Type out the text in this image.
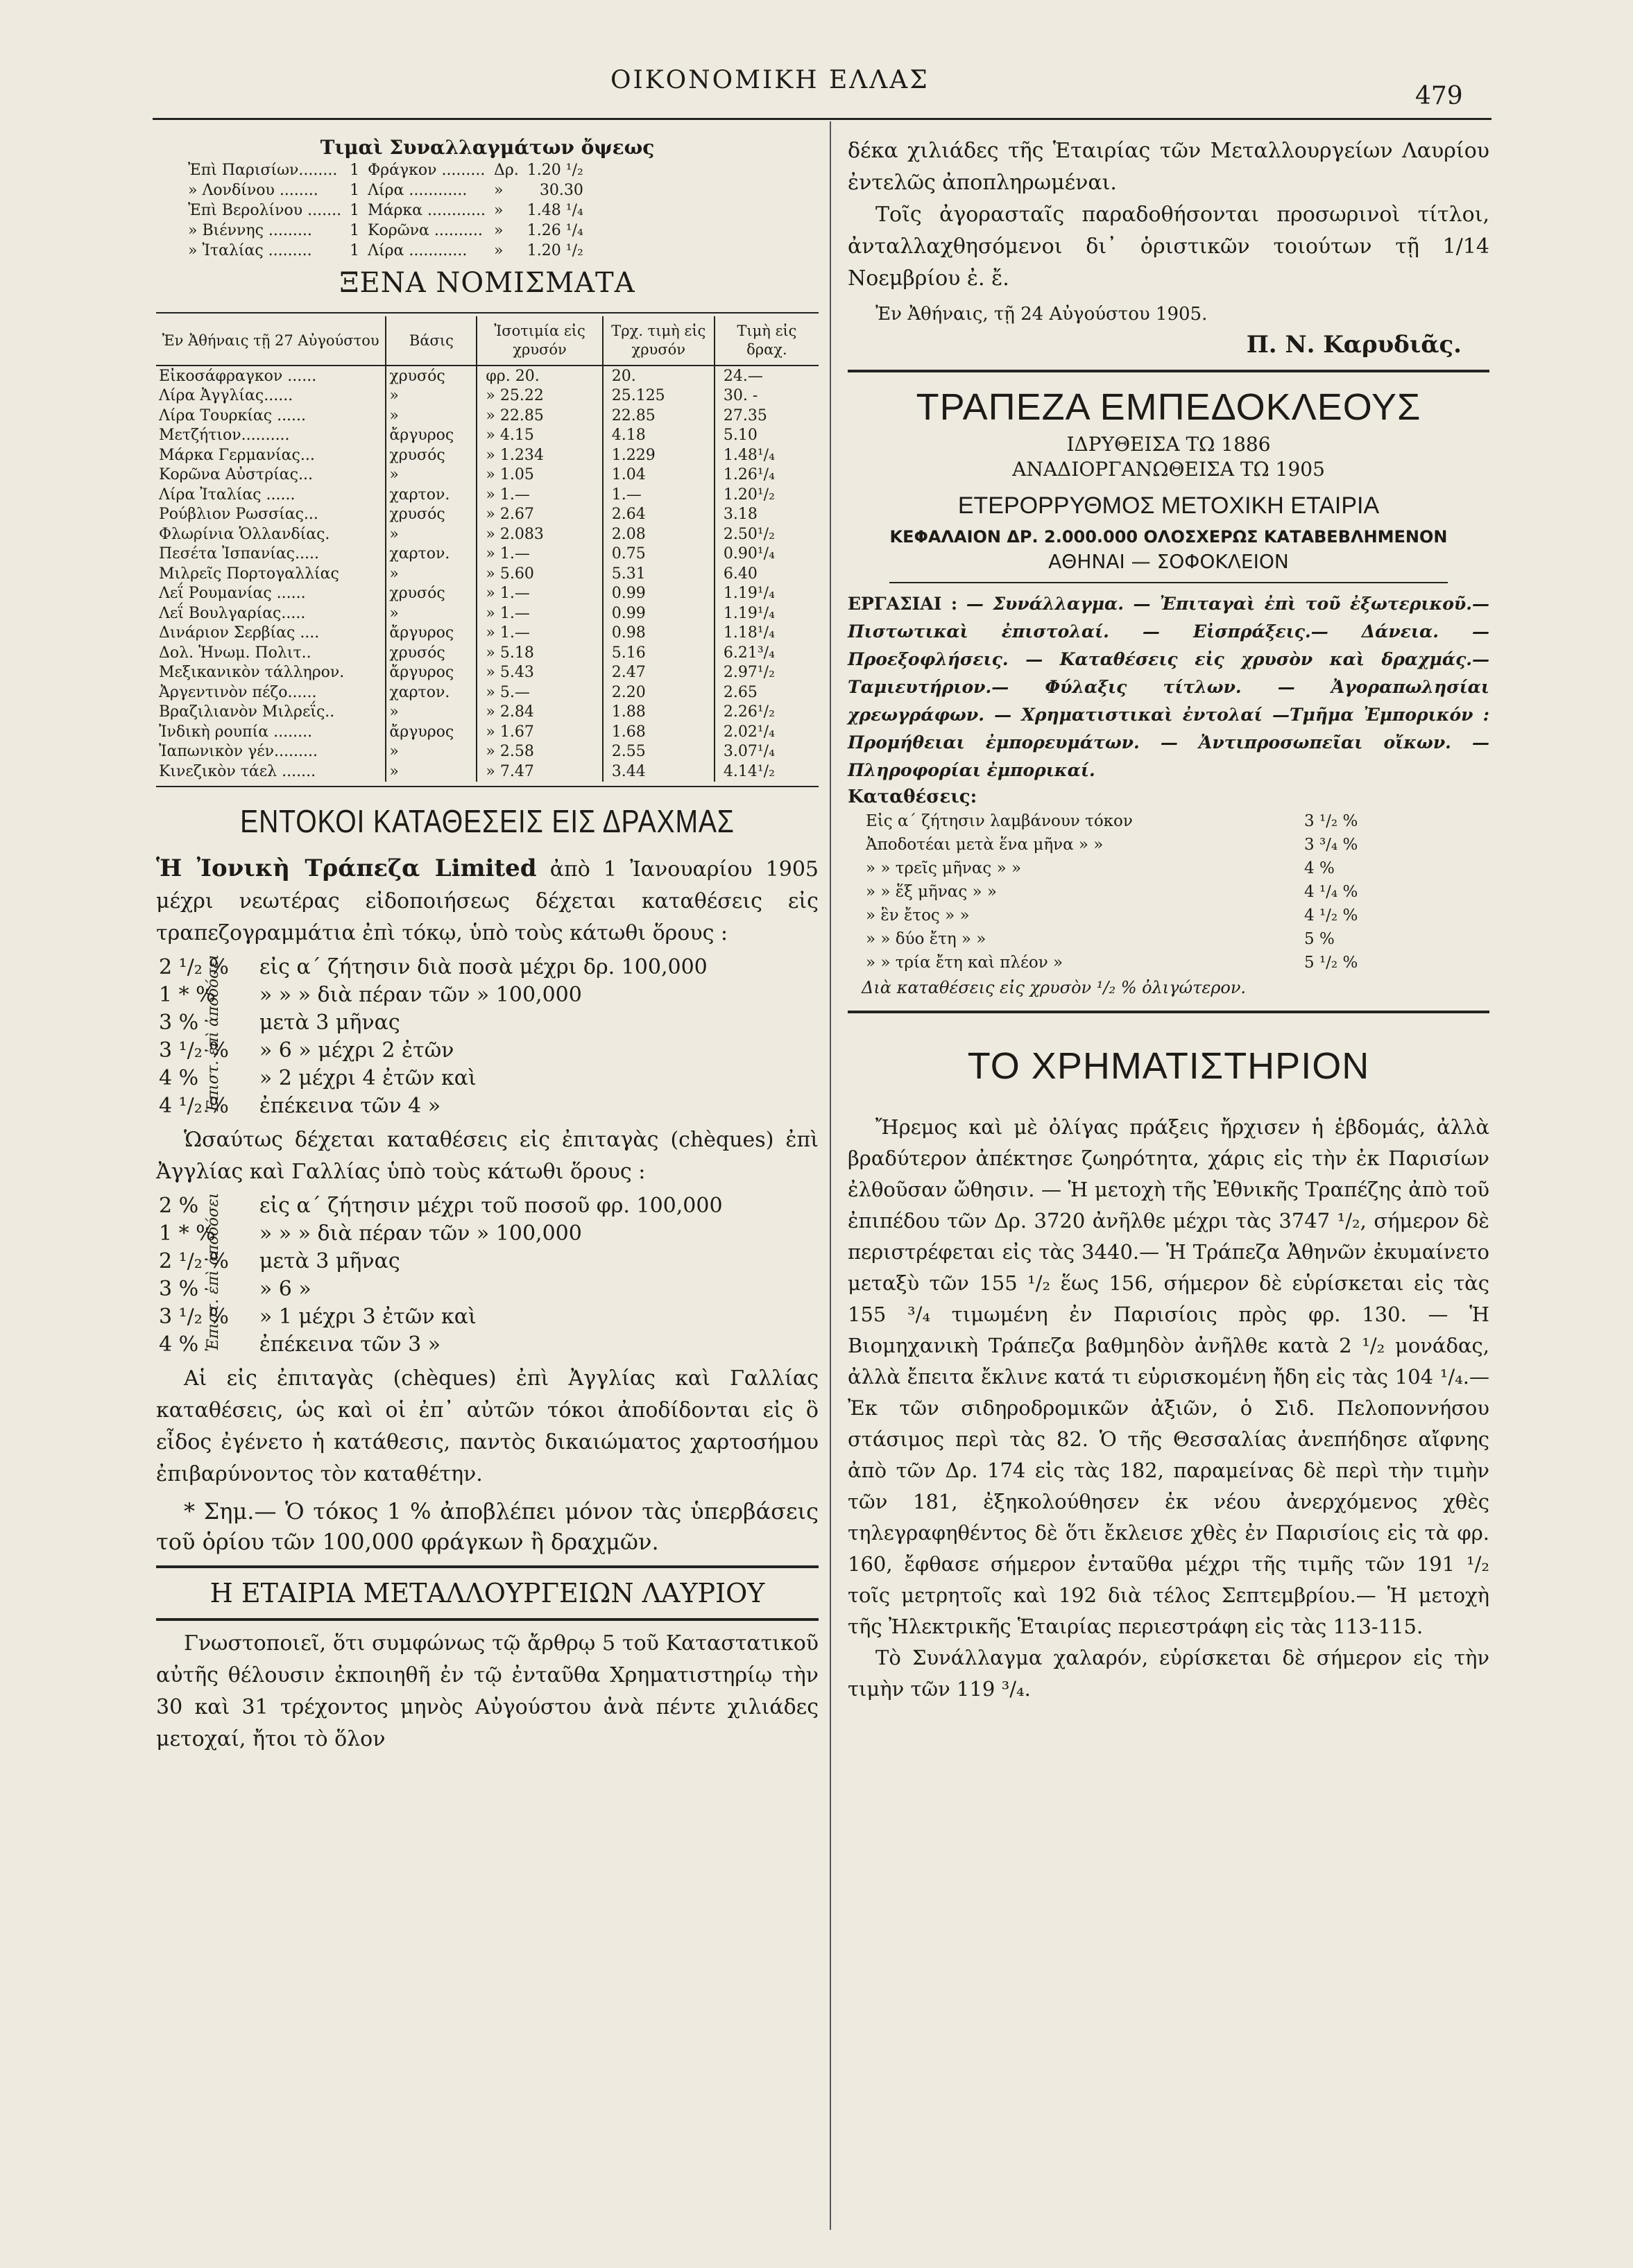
ΟΙΚΟΝΟΜΙΚΗ ΕΛΛΑΣ
479
Τιμαὶ Συναλλαγμάτων ὄψεως
Ἐπὶ Παρισίων........	1	Φράγκον .........	Δρ.	1.20 ¹/₂
» Λονδίνου ........	1	Λίρα ............	»	30.30
Ἐπὶ Βερολίνου .......	1	Μάρκα ............	»	1.48 ¹/₄
» Βιέννης .........	1	Κορῶνα ..........	»	1.26 ¹/₄
» Ἰταλίας .........	1	Λίρα ............	»	1.20 ¹/₂
ΞΕΝΑ ΝΟΜΙΣΜΑΤΑ
Ἐν Ἀθήναις τῇ 27 Αὐγούστου	Βάσις	Ἰσοτιμία εἰς χρυσόν	Τρχ. τιμὴ εἰς χρυσόν	Τιμὴ εἰς δραχ.
Εἰκοσάφραγκον ......	χρυσός	φρ. 20.	20.	24.—
Λίρα Ἀγγλίας......	»	» 25.22	25.125	30. -
Λίρα Τουρκίας ......	»	» 22.85	22.85	27.35
Μετζήτιον..........	ἄργυρος	» 4.15	4.18	5.10
Μάρκα Γερμανίας...	χρυσός	» 1.234	1.229	1.48¹/₄
Κορῶνα Αὐστρίας...	»	» 1.05	1.04	1.26¹/₄
Λίρα Ἰταλίας ......	χαρτον.	» 1.—	1.—	1.20¹/₂
Ρούβλιον Ρωσσίας...	χρυσός	» 2.67	2.64	3.18
Φλωρίνια Ὁλλανδίας.	»	» 2.083	2.08	2.50¹/₂
Πεσέτα Ἰσπανίας.....	χαρτον.	» 1.—	0.75	0.90¹/₄
Μιλρεῖς Πορτογαλλίας	»	» 5.60	5.31	6.40
Λεΐ Ρουμανίας ......	χρυσός	» 1.—	0.99	1.19¹/₄
Λεΐ Βουλγαρίας.....	»	» 1.—	0.99	1.19¹/₄
Δινάριον Σερβίας ....	ἄργυρος	» 1.—	0.98	1.18¹/₄
Δολ. Ἡνωμ. Πολιτ..	χρυσός	» 5.18	5.16	6.21³/₄
Μεξικανικὸν τάλληρον.	ἄργυρος	» 5.43	2.47	2.97¹/₂
Ἀργεντινὸν πέζο......	χαρτον.	» 5.—	2.20	2.65
Βραζιλιανὸν Μιλρεΐς..	»	» 2.84	1.88	2.26¹/₂
Ἰνδικὴ ρουπία ........	ἄργυρος	» 1.67	1.68	2.02¹/₄
Ἰαπωνικὸν γέν.........	»	» 2.58	2.55	3.07¹/₄
Κινεζικὸν τάελ .......	»	» 7.47	3.44	4.14¹/₂
ΕΝΤΟΚΟΙ ΚΑΤΑΘΕΣΕΙΣ ΕΙΣ ΔΡΑΧΜΑΣ

Ἡ Ἰονικὴ Τράπεζα Limited ἀπὸ 1 Ἰανουαρίου 1905 μέχρι νεωτέρας εἰδοποιήσεως δέχεται καταθέσεις εἰς τραπεζογραμμάτια ἐπὶ τόκῳ, ὑπὸ τοὺς κάτωθι ὅρους :

2 ¹/₂ %	εἰς α΄ ζήτησιν διὰ ποσὰ μέχρι δρ. 100,000
1 * %	» » » διὰ πέραν τῶν » 100,000
3 %	μετὰ 3 μῆνας
3 ¹/₂ %	» 6 » μέχρι 2 ἐτῶν
4 %	» 2 μέχρι 4 ἐτῶν καὶ
4 ¹/₂ %	ἐπέκεινα τῶν 4 »
Ἐπιστ. ἐπὶ ἀποδόσει

Ὡσαύτως δέχεται καταθέσεις εἰς ἐπιταγὰς (chèques) ἐπὶ Ἀγγλίας καὶ Γαλλίας ὑπὸ τοὺς κάτωθι ὅρους :

2 %	εἰς α΄ ζήτησιν μέχρι τοῦ ποσοῦ φρ. 100,000
1 * %	» » » διὰ πέραν τῶν » 100,000
2 ¹/₂ %	μετὰ 3 μῆνας
3 %	» 6 »
3 ¹/₂ %	» 1 μέχρι 3 ἐτῶν καὶ
4 %	ἐπέκεινα τῶν 3 »
Ἐπιστ. ἐπὶ ἀποδόσει

Αἱ εἰς ἐπιταγὰς (chèques) ἐπὶ Ἀγγλίας καὶ Γαλλίας καταθέσεις, ὡς καὶ οἱ ἐπ᾽ αὐτῶν τόκοι ἀποδίδονται εἰς ὃ εἶδος ἐγένετο ἡ κατάθεσις, παντὸς δικαιώματος χαρτοσήμου ἐπιβαρύνοντος τὸν καταθέτην.

* Σημ.— Ὁ τόκος 1 % ἀποβλέπει μόνον τὰς ὑπερβάσεις τοῦ ὁρίου τῶν 100,000 φράγκων ἢ δραχμῶν.

Η ΕΤΑΙΡΙΑ ΜΕΤΑΛΛΟΥΡΓΕΙΩΝ ΛΑΥΡΙΟΥ

Γνωστοποιεῖ, ὅτι συμφώνως τῷ ἄρθρῳ 5 τοῦ Καταστατικοῦ αὐτῆς θέλουσιν ἐκποιηθῆ ἐν τῷ ἐνταῦθα Χρηματιστηρίῳ τὴν 30 καὶ 31 τρέχοντος μηνὸς Αὐγούστου ἀνὰ πέντε χιλιάδες μετοχαί, ἤτοι τὸ ὅλον

δέκα χιλιάδες τῆς Ἑταιρίας τῶν Μεταλλουργείων Λαυρίου ἐντελῶς ἀποπληρωμέναι.

Τοῖς ἀγορασταῖς παραδοθήσονται προσωρινοὶ τίτλοι, ἀνταλλαχθησόμενοι δι᾽ ὁριστικῶν τοιούτων τῇ 1/14 Νοεμβρίου ἐ. ἔ.

Ἐν Ἀθήναις, τῇ 24 Αὐγούστου 1905.

Π. Ν. Καρυδιᾶς.

ΤΡΑΠΕΖΑ ΕΜΠΕΔΟΚΛΕΟΥΣ
ΙΔΡΥΘΕΙΣΑ ΤΩ 1886
ΑΝΑΔΙΟΡΓΑΝΩΘΕΙΣΑ ΤΩ 1905
ΕΤΕΡΟΡΡΥΘΜΟΣ ΜΕΤΟΧΙΚΗ ΕΤΑΙΡΙΑ
ΚΕΦΑΛΑΙΟΝ ΔΡ. 2.000.000 ΟΛΟΣΧΕΡΩΣ ΚΑΤΑΒΕΒΛΗΜΕΝΟΝ
ΑΘΗΝΑΙ — ΣΟΦΟΚΛΕΙΟΝ

ΕΡΓΑΣΙΑΙ : — Συνάλλαγμα. — Ἐπιταγαὶ ἐπὶ τοῦ ἐξωτερικοῦ.— Πιστωτικαὶ ἐπιστολαί. — Εἰσπράξεις.— Δάνεια. —Προεξοφλήσεις. — Καταθέσεις εἰς χρυσὸν καὶ δραχμάς.— Ταμιευτήριον.— Φύλαξις τίτλων. — Ἀγοραπωλησίαι χρεωγράφων. — Χρηματιστικαὶ ἐντολαί —Τμῆμα Ἐμπορικόν : Προμήθειαι ἐμπορευμάτων. — Ἀντιπροσωπεῖαι οἴκων. — Πληροφορίαι ἐμπορικαί.

Καταθέσεις:
Εἰς α΄ ζήτησιν λαμβάνουν τόκον	3 ¹/₂ %
Ἀποδοτέαι μετὰ ἕνα μῆνα » »	3 ³/₄ %
» » τρεῖς μῆνας » »	4 %
» » ἕξ μῆνας » »	4 ¹/₄ %
» ἓν ἔτος » »	4 ¹/₂ %
» » δύο ἔτη » »	5 %
» » τρία ἔτη καὶ πλέον »	5 ¹/₂ %

Διὰ καταθέσεις εἰς χρυσὸν ¹/₂ % ὀλιγώτερον.

ΤΟ ΧΡΗΜΑΤΙΣΤΗΡΙΟΝ

Ἤρεμος καὶ μὲ ὀλίγας πράξεις ἤρχισεν ἡ ἑβδομάς, ἀλλὰ βραδύτερον ἀπέκτησε ζωηρότητα, χάρις εἰς τὴν ἐκ Παρισίων ἐλθοῦσαν ὤθησιν. — Ἡ μετοχὴ τῆς Ἐθνικῆς Τραπέζης ἀπὸ τοῦ ἐπιπέδου τῶν Δρ. 3720 ἀνῆλθε μέχρι τὰς 3747 ¹/₂, σήμερον δὲ περιστρέφεται εἰς τὰς 3440.— Ἡ Τράπεζα Ἀθηνῶν ἐκυμαίνετο μεταξὺ τῶν 155 ¹/₂ ἕως 156, σήμερον δὲ εὑρίσκεται εἰς τὰς 155 ³/₄ τιμωμένη ἐν Παρισίοις πρὸς φρ. 130. — Ἡ Βιομηχανικὴ Τράπεζα βαθμηδὸν ἀνῆλθε κατὰ 2 ¹/₂ μονάδας, ἀλλὰ ἔπειτα ἔκλινε κατά τι εὑρισκομένη ἤδη εἰς τὰς 104 ¹/₄.— Ἐκ τῶν σιδηροδρομικῶν ἀξιῶν, ὁ Σιδ. Πελοποννήσου στάσιμος περὶ τὰς 82. Ὁ τῆς Θεσσαλίας ἀνεπήδησε αἴφνης ἀπὸ τῶν Δρ. 174 εἰς τὰς 182, παραμείνας δὲ περὶ τὴν τιμὴν τῶν 181, ἐξηκολούθησεν ἐκ νέου ἀνερχόμενος χθὲς τηλεγραφηθέντος δὲ ὅτι ἔκλεισε χθὲς ἐν Παρισίοις εἰς τὰ φρ. 160, ἔφθασε σήμερον ἐνταῦθα μέχρι τῆς τιμῆς τῶν 191 ¹/₂ τοῖς μετρητοῖς καὶ 192 διὰ τέλος Σεπτεμβρίου.— Ἡ μετοχὴ τῆς Ἠλεκτρικῆς Ἑταιρίας περιεστράφη εἰς τὰς 113-115.

Τὸ Συνάλλαγμα χαλαρόν, εὑρίσκεται δὲ σήμερον εἰς τὴν τιμὴν τῶν 119 ³/₄.
